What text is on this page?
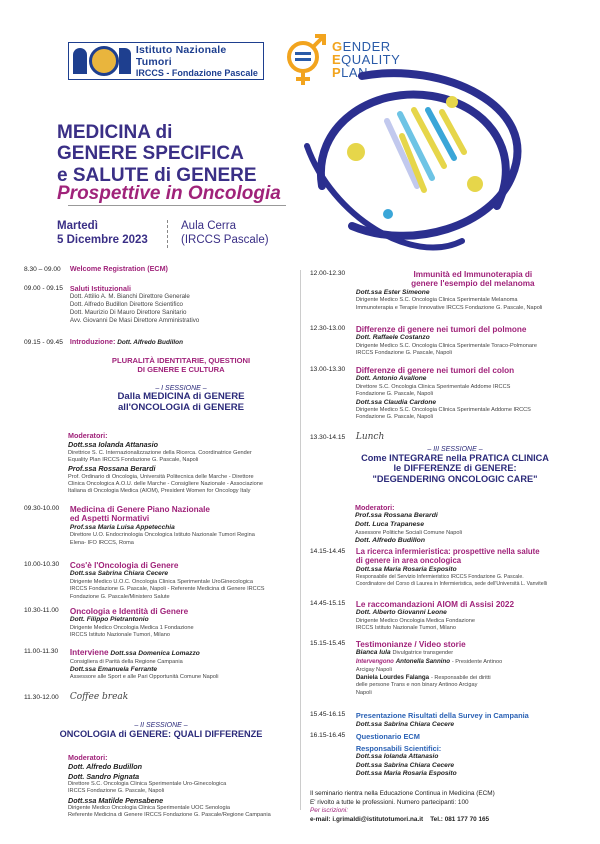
Istituto Nazionale Tumori
IRCCS - Fondazione Pascale
GENDER
EQUALITY
PLAN
MEDICINA di
GENERE SPECIFICA
e SALUTE di GENERE
Prospettive in Oncologia
Martedì
5 Dicembre 2023
Aula Cerra
(IRCCS Pascale)
8.30 – 09.00 Welcome Registration (ECM)
09.00 - 09.15 Saluti Istituzionali
Dott. Attilio A. M. Bianchi Direttore Generale
Dott. Alfredo Budillon Direttore Scientifico
Dott. Maurizio Di Mauro Direttore Sanitario
Avv. Giovanni De Masi Direttore Amministrativo
09.15 - 09.45 Introduzione: Dott. Alfredo Budillon
PLURALITÀ IDENTITARIE, QUESTIONI
DI GENERE E CULTURA
– I SESSIONE –
Dalla MEDICINA di GENERE
all'ONCOLOGIA di GENERE
Moderatori:
Dott.ssa Iolanda Attanasio
Direttrice S. C. Internazionalizzazione della Ricerca. Coordinatrice Gender
Equality Plan IRCCS Fondazione G. Pascale, Napoli
Prof.ssa Rossana Berardi
Prof. Ordinario di Oncologia, Università Politecnica delle Marche - Direttore
Clinica Oncologica A.O.U. delle Marche - Consigliere Nazionale - Associazione
Italiana di Oncologia Medica (AIOM), President Women for Oncology Italy
09.30-10.00 Medicina di Genere Piano Nazionale
ed Aspetti Normativi
Prof.ssa Maria Luisa Appetecchia
Direttore U.O. Endocrinologia Oncologica Istituto Nazionale Tumori Regina
Elena- IFO IRCCS, Roma
10.00-10.30 Cos'è l'Oncologia di Genere
Dott.ssa Sabrina Chiara Cecere
Dirigente Medico U.O.C. Oncologia Clinica Sperimentale UroGinecologica
IRCCS Fondazione G. Pascale, Napoli - Referente Medicina di Genere IRCCS
Fondazione G. Pascale/Ministero Salute
10.30-11.00 Oncologia e Identità di Genere
Dott. Filippo Pietrantonio
Dirigente Medico Oncologia Medica 1 Fondazione
IRCCS Istituto Nazionale Tumori, Milano
11.00-11.30 Interviene Dott.ssa Domenica Lomazzo
Consigliera di Parità della Regione Campania
Dott.ssa Emanuela Ferrante
Assessore alle Sport e alle Pari Opportunità Comune Napoli
11.30-12.00 Coffee break
– II SESSIONE –
ONCOLOGIA di GENERE: QUALI DIFFERENZE
Moderatori:
Dott. Alfredo Budillon
Dott. Sandro Pignata
Direttore S.C. Oncologia Clinica Sperimentale Uro-Ginecologica
IRCCS Fondazione G. Pascale, Napoli
Dott.ssa Matilde Pensabene
Dirigente Medico Oncologia Clinica Sperimentale UOC Senologia
Referente Medicina di Genere IRCCS Fondazione G. Pascale/Regione Campania
12.00-12.30	Immunità ed Immunoterapia di
genere l'esempio del melanoma
Dott.ssa Ester Simeone
Dirigente Medico S.C. Oncologia Clinica Sperimentale Melanoma
Immunoterapia e Terapie Innovative IRCCS Fondazione G. Pascale, Napoli
12.30-13.00 Differenze di genere nei tumori del polmone
Dott. Raffaele Costanzo
Dirigente Medico S.C. Oncologia Clinica Sperimentale Toraco-Polmonare
IRCCS Fondazione G. Pascale, Napoli
13.00-13.30 Differenze di genere nei tumori del colon
Dott. Antonio Avallone
Direttore S.C. Oncologia Clinica Sperimentale Addome IRCCS
Fondazione G. Pascale, Napoli
Dott.ssa Claudia Cardone
Dirigente Medico S.C. Oncologia Clinica Sperimentale Addome IRCCS
Fondazione G. Pascale, Napoli
13.30-14.15 Lunch
– III SESSIONE –
Come INTEGRARE nella PRATICA CLINICA
le DIFFERENZE di GENERE:
"DEGENDERING ONCOLOGIC CARE"
Moderatori:
Prof.ssa Rossana Berardi
Dott. Luca Trapanese
Assessore Politiche Sociali Comune Napoli
Dott. Alfredo Budillon
14.15-14.45 La ricerca infermieristica: prospettive nella salute
di genere in area oncologica
Dott.ssa Maria Rosaria Esposito
Responsabile del Servizio Infermieristico IRCCS Fondazione G. Pascale.
Coordinatore del Corso di Laurea in Infermieristica, sede dell'Università L. Vanvitelli
14.45-15.15 Le raccomandazioni AIOM di Assisi 2022
Dott. Alberto Giovanni Leone
Dirigente Medico Oncologia Medica Fondazione
IRCCS Istituto Nazionale Tumori, Milano
15.15-15.45 Testimonianze / Video storie
Bianca Iula Divulgatrice transgender
Intervengono Antonella Sannino - Presidente Antinoo
Arcigay Napoli
Daniela Lourdes Falanga - Responsabile dei diritti
delle persone Trans e non binary Antinoo Arcigay
Napoli
15.45-16.15 Presentazione Risultati della Survey in Campania
Dott.ssa Sabrina Chiara Cecere
16.15-16.45 Questionario ECM
Responsabili Scientifici:
Dott.ssa Iolanda Attanasio
Dott.ssa Sabrina Chiara Cecere
Dott.ssa Maria Rosaria Esposito
Il seminario rientra nella Educazione Continua in Medicina (ECM)
E' rivolto a tutte le professioni. Numero partecipanti: 100
Per iscrizioni:
e-mail: i.grimaldi@istitutotumori.na.it Tel.: 081 177 70 165
